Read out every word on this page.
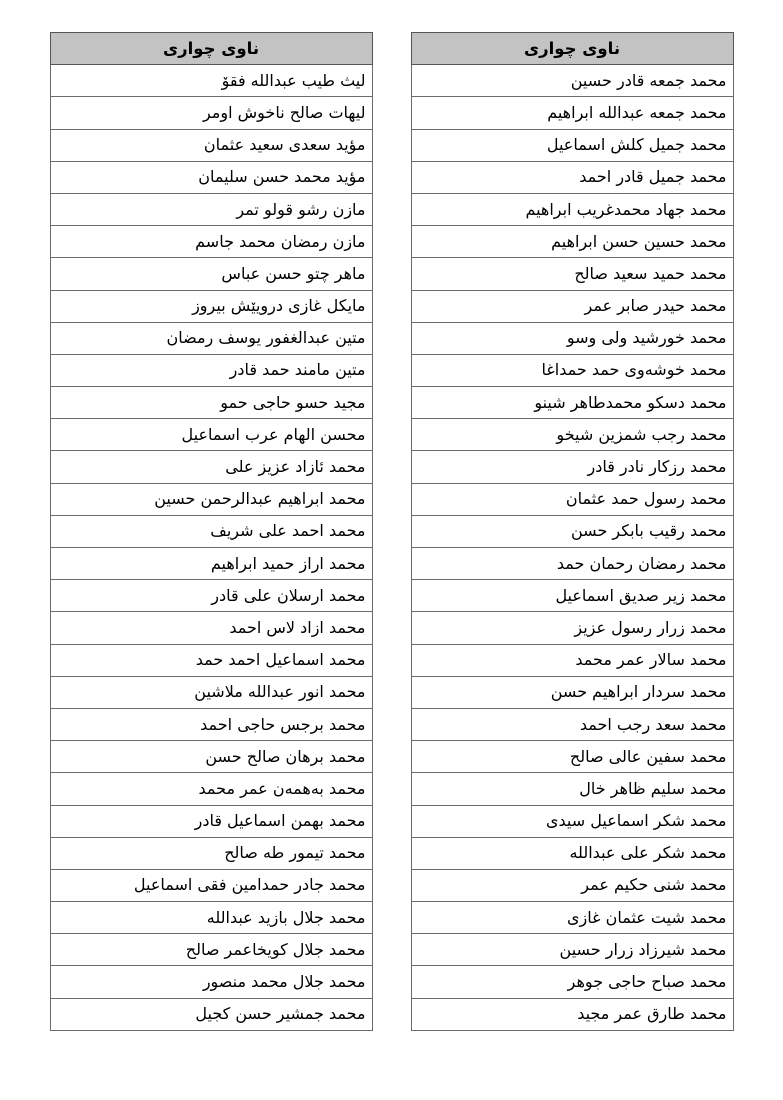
ناوی چواری

لیث طیب عبداللە فقۆ

لیهات صالح ناخوش اومر

مؤید سعدی سعید عثمان

مؤید محمد حسن سلیمان

مازن رشو قولو تمر

مازن رمضان محمد جاسم

ماهر چتو حسن عباس

مایکل غازی درویێش بیروز

متین عبدالغفور یوسف رمضان

متین مامند حمد قادر

مجید حسو حاجی حمو

محسن الهام عرب اسماعیل

محمد ئازاد عزیز علی

محمد ابراهیم عبدالرحمن حسین

محمد احمد علی شریف

محمد اراز حمید ابراهیم

محمد ارسلان علی قادر

محمد ازاد لاس احمد

محمد اسماعیل احمد حمد

محمد انور عبداللە ملاشین

محمد برجس حاجی احمد

محمد برهان صالح حسن

محمد بەهمەن عمر محمد

محمد بهمن اسماعیل قادر

محمد تیمور طە صالح

محمد جادر حمدامین فقی اسماعیل

محمد جلال بازید عبداللە

محمد جلال کویخاعمر صالح

محمد جلال محمد منصور

محمد جمشیر حسن کجیل
ناوی چواری

محمد جمعە قادر حسین

محمد جمعە عبداللە ابراهیم

محمد جمیل کلش اسماعیل

محمد جمیل قادر احمد

محمد جهاد محمدغریب ابراهیم

محمد حسین حسن ابراهیم

محمد حمید سعید صالح

محمد حیدر صابر عمر

محمد خورشید ولی وسو

محمد خوشەوی حمد حمداغا

محمد دسکو محمدطاهر شینو

محمد رجب شمزین شیخو

محمد رزکار نادر قادر

محمد رسول حمد عثمان

محمد رقیب بابکر حسن

محمد رمضان رحمان حمد

محمد زیر صدیق اسماعیل

محمد زرار رسول عزیز

محمد سالار عمر محمد

محمد سردار ابراهیم حسن

محمد سعد رجب احمد

محمد سفین عالی صالح

محمد سلیم ظاهر خال

محمد شکر اسماعیل سیدی

محمد شکر علی عبداللە

محمد شنی حکیم عمر

محمد شیت عثمان غازی

محمد شیرزاد زرار حسین

محمد صباح حاجی جوهر

محمد طارق عمر مجید
